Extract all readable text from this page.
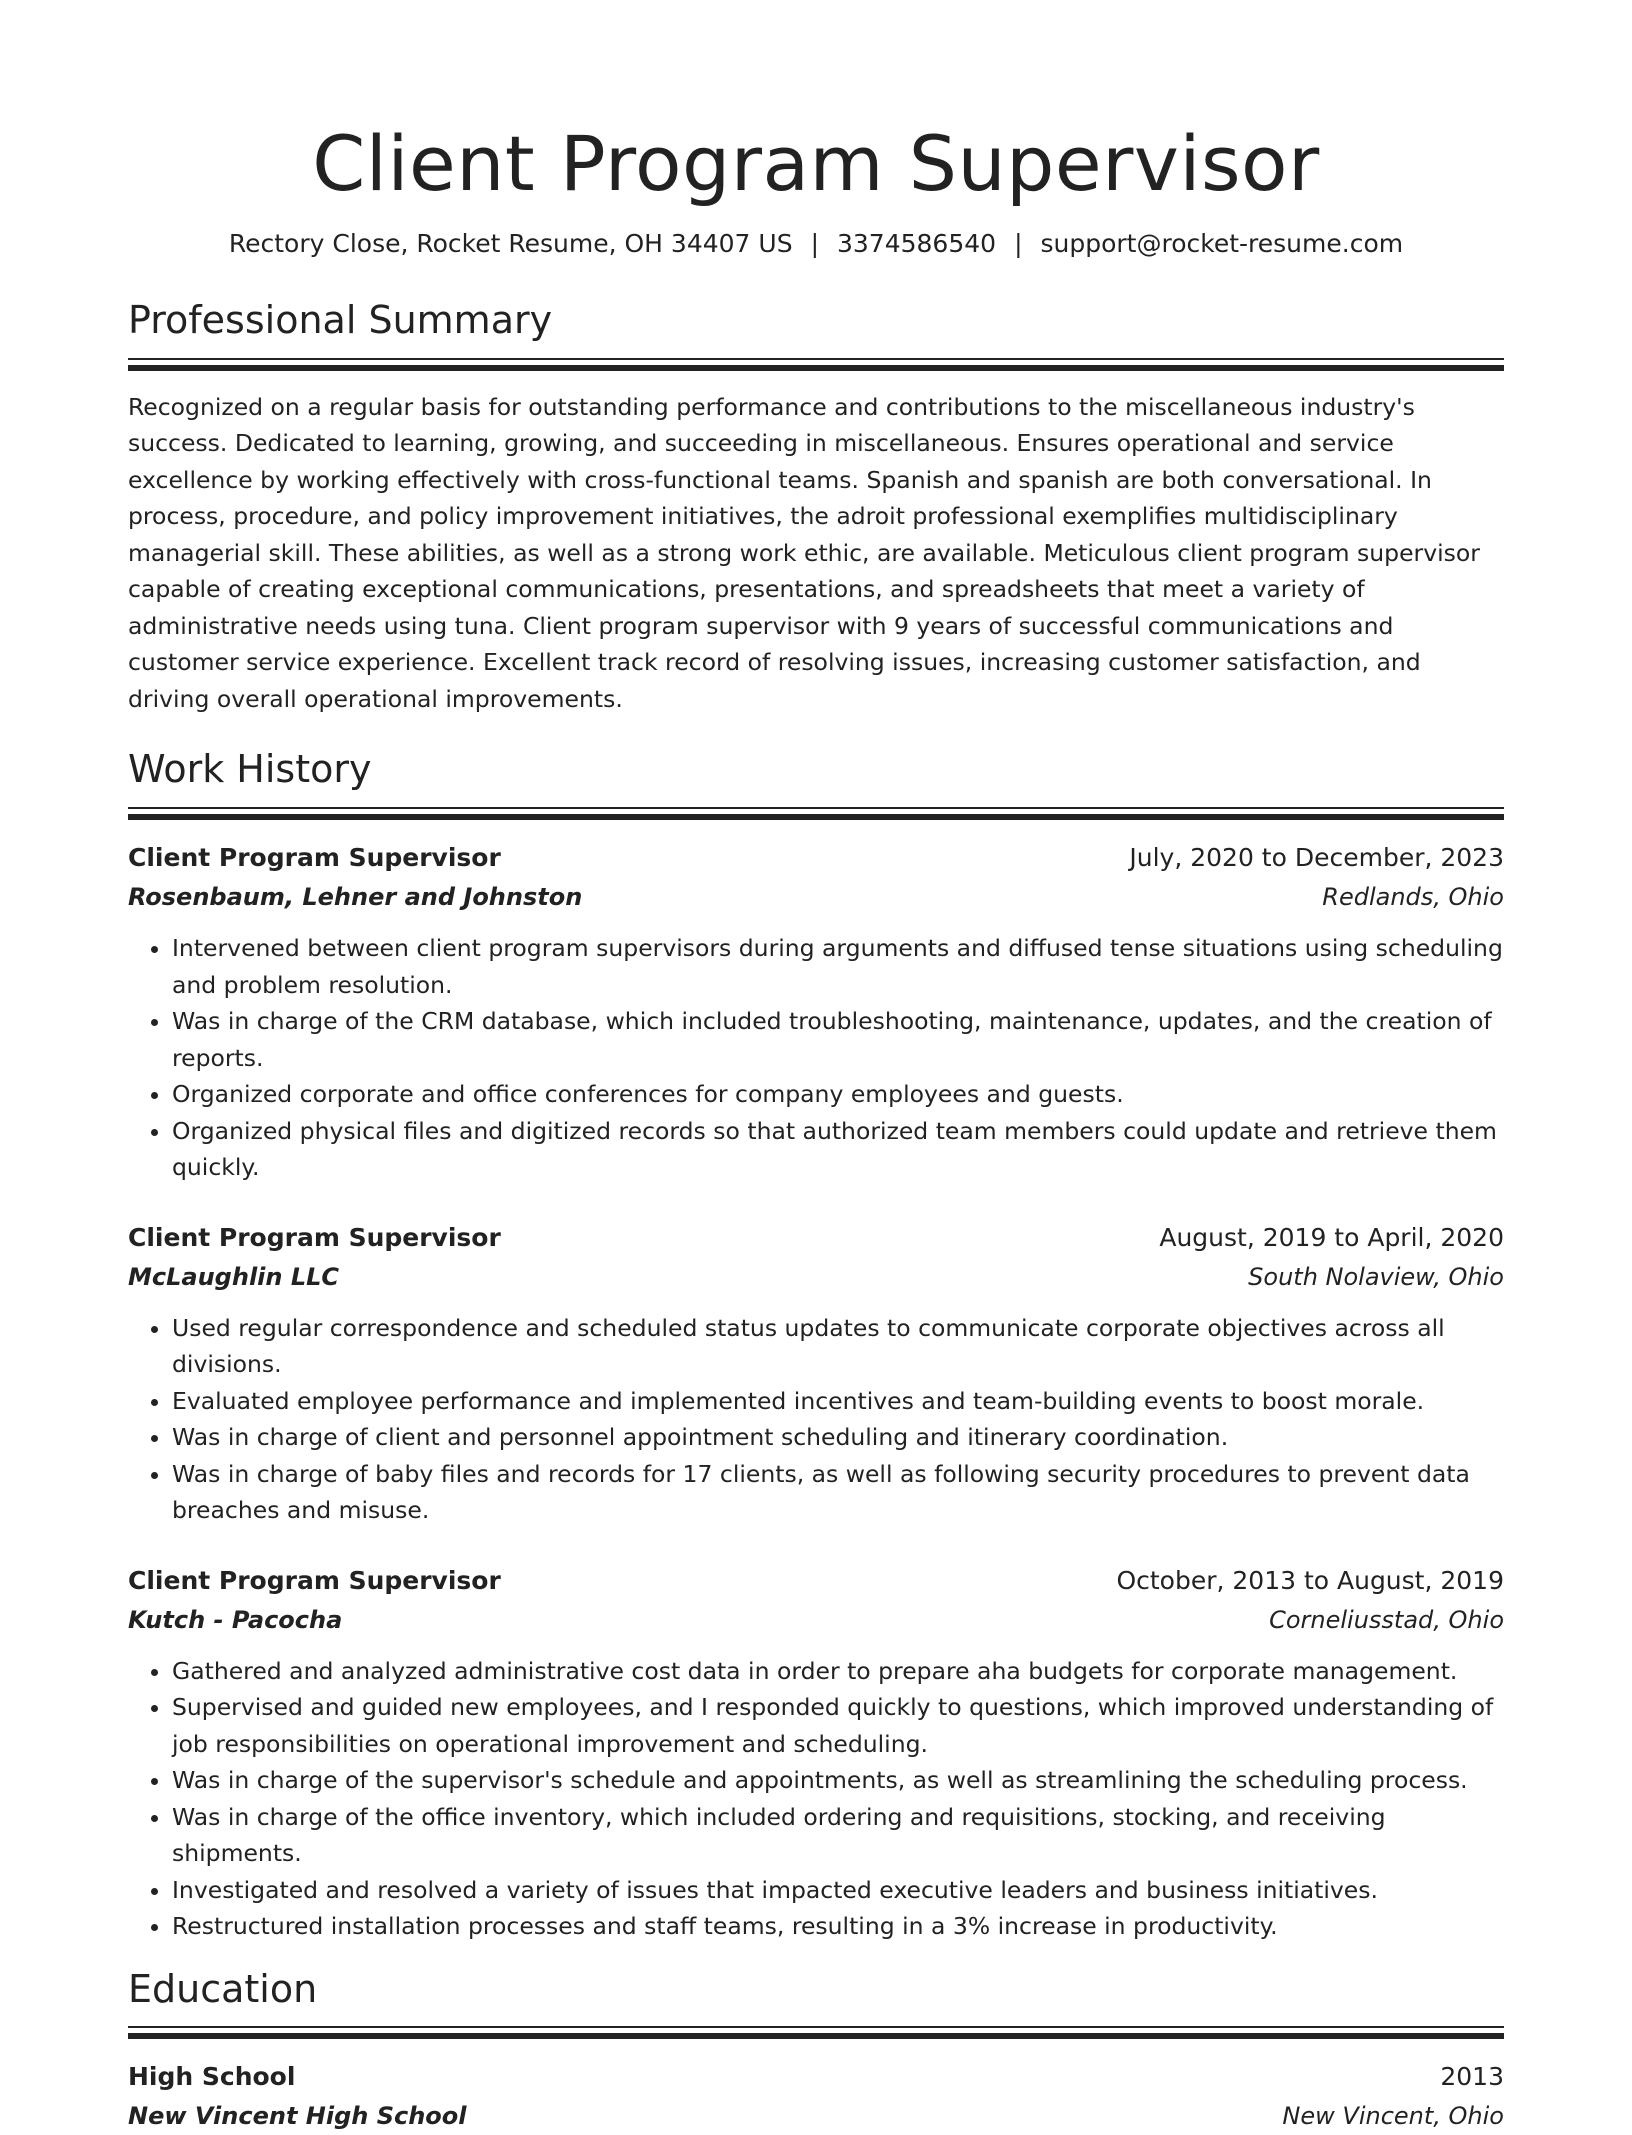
Client Program Supervisor
Rectory Close, Rocket Resume, OH 34407 US | 3374586540 | support@rocket-resume.com
Professional Summary

Recognized on a regular basis for outstanding performance and contributions to the miscellaneous industry's success. Dedicated to learning, growing, and succeeding in miscellaneous. Ensures operational and service excellence by working effectively with cross-functional teams. Spanish and spanish are both conversational. In process, procedure, and policy improvement initiatives, the adroit professional exemplifies multidisciplinary managerial skill. These abilities, as well as a strong work ethic, are available. Meticulous client program supervisor capable of creating exceptional communications, presentations, and spreadsheets that meet a variety of administrative needs using tuna. Client program supervisor with 9 years of successful communications and customer service experience. Excellent track record of resolving issues, increasing customer satisfaction, and driving overall operational improvements.

Work History
Client Program Supervisor	July, 2020 to December, 2023
Rosenbaum, Lehner and Johnston	Redlands, Ohio
• Intervened between client program supervisors during arguments and diffused tense situations using scheduling and problem resolution.
• Was in charge of the CRM database, which included troubleshooting, maintenance, updates, and the creation of reports.
• Organized corporate and office conferences for company employees and guests.
• Organized physical files and digitized records so that authorized team members could update and retrieve them quickly.
Client Program Supervisor	August, 2019 to April, 2020
McLaughlin LLC	South Nolaview, Ohio
• Used regular correspondence and scheduled status updates to communicate corporate objectives across all divisions.
• Evaluated employee performance and implemented incentives and team-building events to boost morale.
• Was in charge of client and personnel appointment scheduling and itinerary coordination.
• Was in charge of baby files and records for 17 clients, as well as following security procedures to prevent data breaches and misuse.
Client Program Supervisor	October, 2013 to August, 2019
Kutch - Pacocha	Corneliusstad, Ohio
• Gathered and analyzed administrative cost data in order to prepare aha budgets for corporate management.
• Supervised and guided new employees, and I responded quickly to questions, which improved understanding of job responsibilities on operational improvement and scheduling.
• Was in charge of the supervisor's schedule and appointments, as well as streamlining the scheduling process.
• Was in charge of the office inventory, which included ordering and requisitions, stocking, and receiving shipments.
• Investigated and resolved a variety of issues that impacted executive leaders and business initiatives.
• Restructured installation processes and staff teams, resulting in a 3% increase in productivity.
Education
High School	2013
New Vincent High School	New Vincent, Ohio
